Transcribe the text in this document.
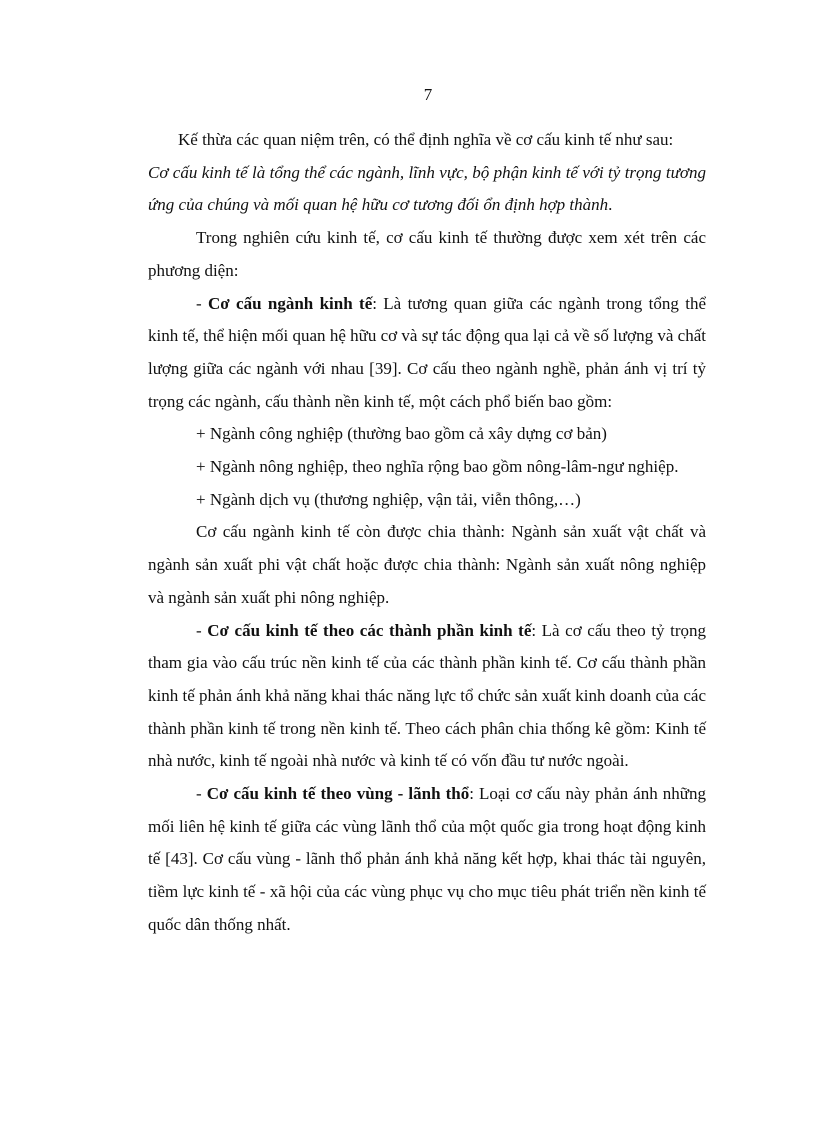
7

Kế thừa các quan niệm trên, có thể định nghĩa về cơ cấu kinh tế như sau:

Cơ cấu kinh tế là tổng thể các ngành, lĩnh vực, bộ phận kinh tế với tỷ trọng tương ứng của chúng và mối quan hệ hữu cơ tương đối ổn định hợp thành.

Trong nghiên cứu kinh tế, cơ cấu kinh tế thường được xem xét trên các phương diện:

- Cơ cấu ngành kinh tế: Là tương quan giữa các ngành trong tổng thể kinh tế, thể hiện mối quan hệ hữu cơ và sự tác động qua lại cả về số lượng và chất lượng giữa các ngành với nhau [39]. Cơ cấu theo ngành nghề, phản ánh vị trí tỷ trọng các ngành, cấu thành nền kinh tế, một cách phổ biến bao gồm:

+ Ngành công nghiệp (thường bao gồm cả xây dựng cơ bản)

+ Ngành nông nghiệp, theo nghĩa rộng bao gồm nông-lâm-ngư nghiệp.

+ Ngành dịch vụ (thương nghiệp, vận tải, viễn thông,…)

Cơ cấu ngành kinh tế còn được chia thành: Ngành sản xuất vật chất và ngành sản xuất phi vật chất hoặc được chia thành: Ngành sản xuất nông nghiệp và ngành sản xuất phi nông nghiệp.

- Cơ cấu kinh tế theo các thành phần kinh tế: Là cơ cấu theo tỷ trọng tham gia vào cấu trúc nền kinh tế của các thành phần kinh tế. Cơ cấu thành phần kinh tế phản ánh khả năng khai thác năng lực tổ chức sản xuất kinh doanh của các thành phần kinh tế trong nền kinh tế. Theo cách phân chia thống kê gồm: Kinh tế nhà nước, kinh tế ngoài nhà nước và kinh tế có vốn đầu tư nước ngoài.

- Cơ cấu kinh tế theo vùng - lãnh thổ: Loại cơ cấu này phản ánh những mối liên hệ kinh tế giữa các vùng lãnh thổ của một quốc gia trong hoạt động kinh tế [43]. Cơ cấu vùng - lãnh thổ phản ánh khả năng kết hợp, khai thác tài nguyên, tiềm lực kinh tế - xã hội của các vùng phục vụ cho mục tiêu phát triển nền kinh tế quốc dân thống nhất.
